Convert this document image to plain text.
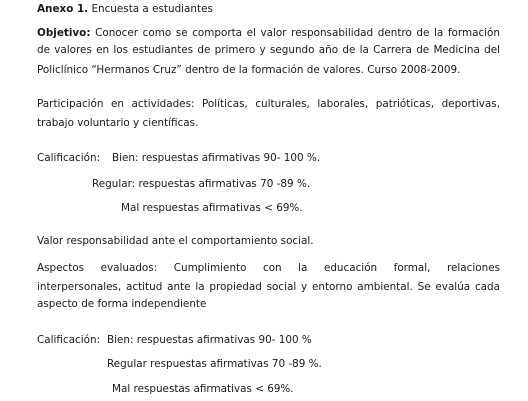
Anexo 1. Encuesta a estudiantes
Objetivo: Conocer como se comporta el valor responsabilidad dentro de la formación
de valores en los estudiantes de primero y segundo año de la Carrera de Medicina del
Policlínico “Hermanos Cruz” dentro de la formación de valores. Curso 2008-2009.
Participación en actividades: Políticas, culturales, laborales, patrióticas, deportivas,
trabajo voluntario y científicas.
Calificación: Bien: respuestas afirmativas 90- 100 %.
Regular: respuestas afirmativas 70 -89 %.
Mal respuestas afirmativas < 69%.
Valor responsabilidad ante el comportamiento social.
Aspectos evaluados: Cumplimiento con la educación formal, relaciones
interpersonales, actitud ante la propiedad social y entorno ambiental. Se evalúa cada
aspecto de forma independiente
Calificación: Bien: respuestas afirmativas 90- 100 %
Regular respuestas afirmativas 70 -89 %.
Mal respuestas afirmativas < 69%.
